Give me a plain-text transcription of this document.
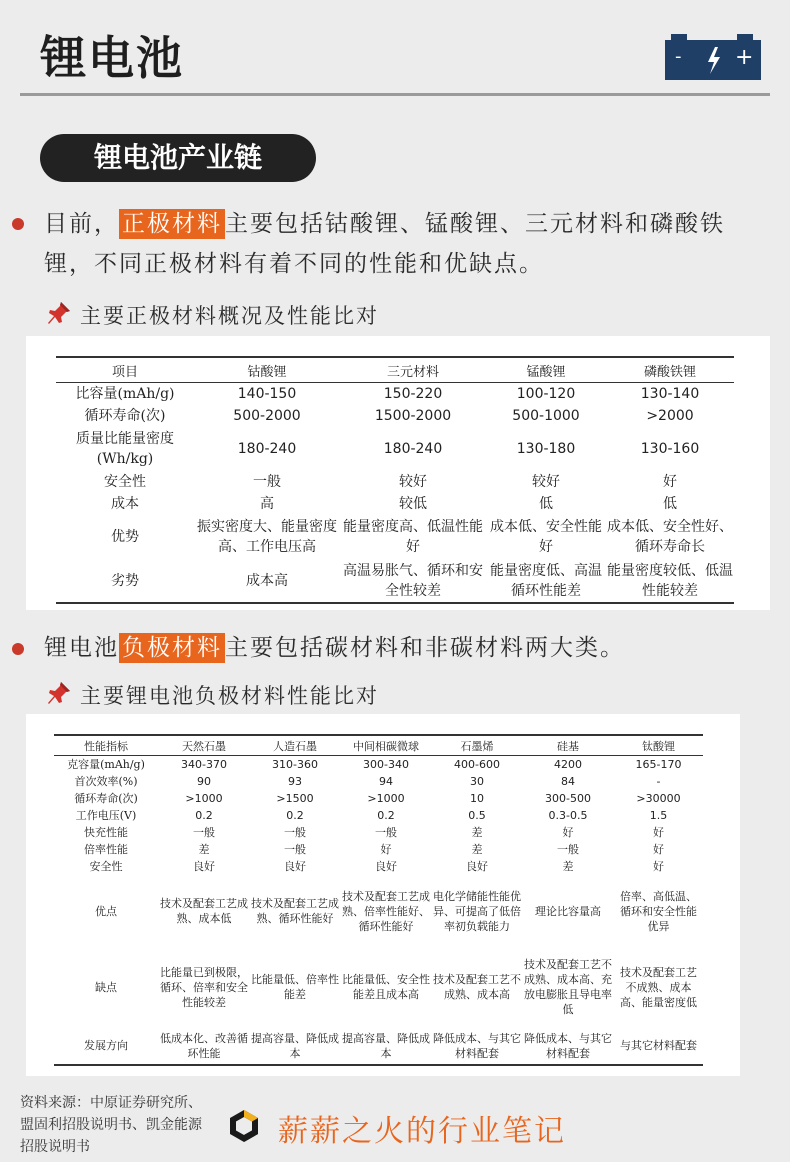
锂电池	- +
锂电池产业链
目前， 正极材料 主要包括钴酸锂、锰酸锂、三元材料和磷酸铁
锂，不同正极材料有着不同的性能和优缺点。
主要正极材料概况及性能比对
项目	钴酸锂	三元材料	锰酸锂	磷酸铁锂
比容量(mAh/g)	140-150	150-220	100-120	130-140
循环寿命(次)	500-2000	1500-2000	500-1000	>2000
质量比能量密度(Wh/kg)	180-240	180-240	130-180	130-160
安全性	一般	较好	较好	好
成本	高	较低	低	低
优势	振实密度大、能量密度高、工作电压高	能量密度高、低温性能好	成本低、安全性能好	成本低、安全性好、循环寿命长
劣势	成本高	高温易胀气、循环和安全性较差	能量密度低、高温循环性能差	能量密度较低、低温性能较差
锂电池 负极材料 主要包括碳材料和非碳材料两大类。
主要锂电池负极材料性能比对
性能指标	天然石墨	人造石墨	中间相碳微球	石墨烯	硅基	钛酸锂
克容量(mAh/g)	340-370	310-360	300-340	400-600	4200	165-170
首次效率(%)	90	93	94	30	84	-
循环寿命(次)	>1000	>1500	>1000	10	300-500	>30000
工作电压(V)	0.2	0.2	0.2	0.5	0.3-0.5	1.5
快充性能	一般	一般	一般	差	好	好
倍率性能	差	一般	好	差	一般	好
安全性	良好	良好	良好	良好	差	好
优点	技术及配套工艺成熟、成本低	技术及配套工艺成熟、循环性能好	技术及配套工艺成熟、倍率性能好、循环性能好	电化学储能性能优异、可提高了低倍率初负载能力	理论比容量高	倍率、高低温、循环和安全性能优异
缺点	比能量已到极限，循环、倍率和安全性能较差	比能量低、倍率性能差	比能量低、安全性能差且成本高	技术及配套工艺不成熟、成本高	技术及配套工艺不成熟、成本高、充放电膨胀且导电率低	技术及配套工艺不成熟、成本高、能量密度低
发展方向	低成本化、改善循环性能	提高容量、降低成本	提高容量、降低成本	降低成本、与其它材料配套	降低成本、与其它材料配套	与其它材料配套
资料来源：中原证券研究所、盟固利招股说明书、凯金能源招股说明书	薪薪之火的行业笔记
